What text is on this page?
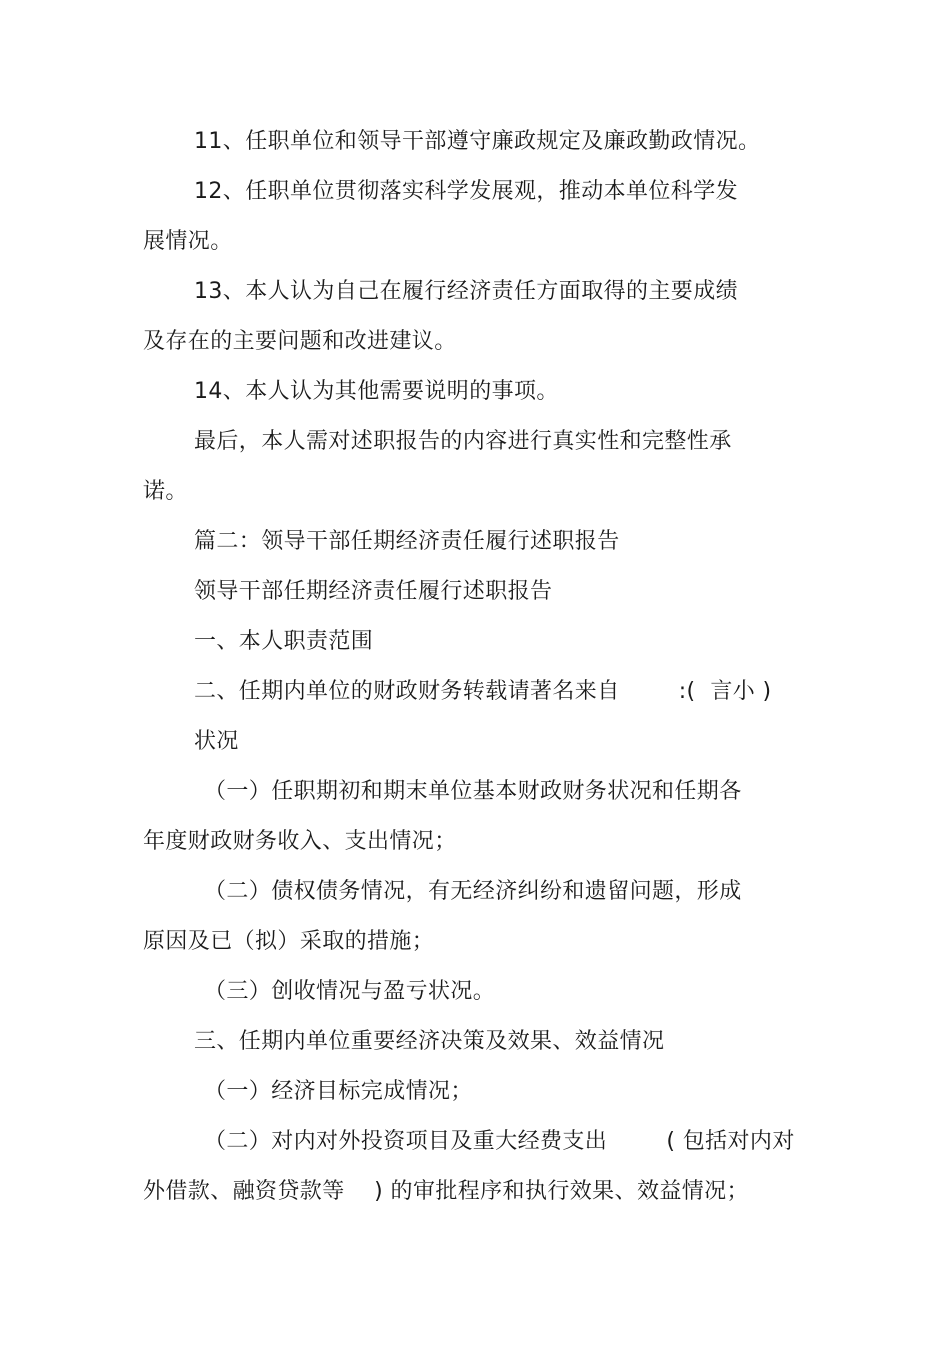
11、任职单位和领导干部遵守廉政规定及廉政勤政情况。
12、任职单位贯彻落实科学发展观，推动本单位科学发
展情况。
13、本人认为自己在履行经济责任方面取得的主要成绩
及存在的主要问题和改进建议。
14、本人认为其他需要说明的事项。
最后，本人需对述职报告的内容进行真实性和完整性承
诺。
篇二：领导干部任期经济责任履行述职报告
领导干部任期经济责任履行述职报告
一、本人职责范围
二、任期内单位的财政财务转载请著名来自        :(  言小 )
状况
（一）任职期初和期末单位基本财政财务状况和任期各
年度财政财务收入、支出情况；
（二）债权债务情况，有无经济纠纷和遗留问题，形成
原因及已（拟）采取的措施；
（三）创收情况与盈亏状况。
三、任期内单位重要经济决策及效果、效益情况
（一）经济目标完成情况；
（二）对内对外投资项目及重大经费支出        ( 包括对内对
外借款、融资贷款等    ) 的审批程序和执行效果、效益情况；
